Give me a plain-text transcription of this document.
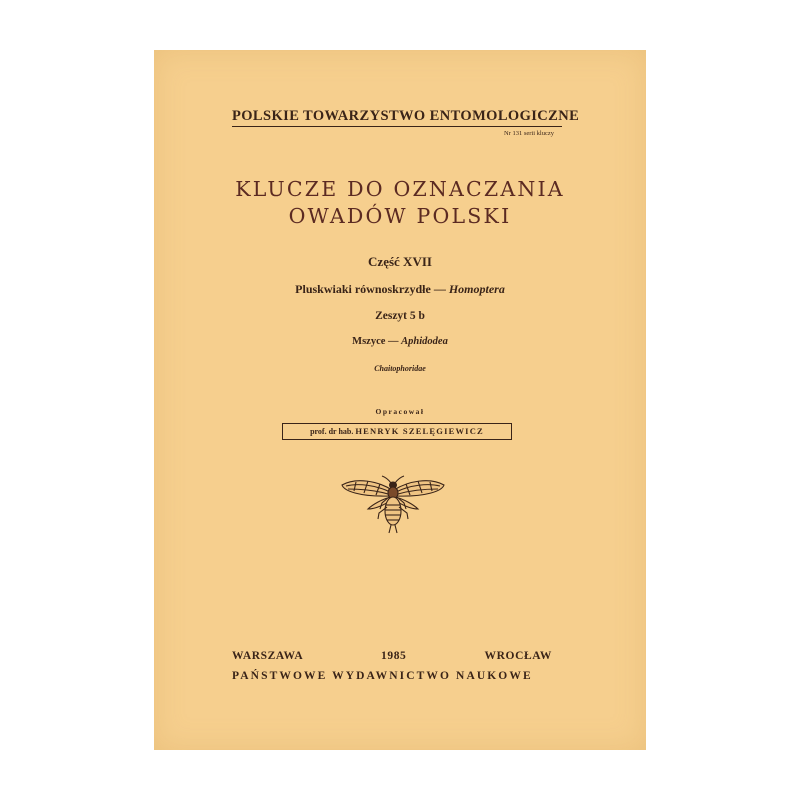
POLSKIE TOWARZYSTWO ENTOMOLOGICZNE
Nr 131 serii kluczy
KLUCZE DO OZNACZANIA
OWADÓW POLSKI
Część XVII
Pluskwiaki równoskrzydłe — Homoptera
Zeszyt 5 b
Mszyce — Aphidodea
Chaitophoridae
Opracował
prof. dr hab. HENRYK SZELĘGIEWICZ
WARSZAWA	1985	WROCŁAW
PAŃSTWOWE WYDAWNICTWO NAUKOWE
